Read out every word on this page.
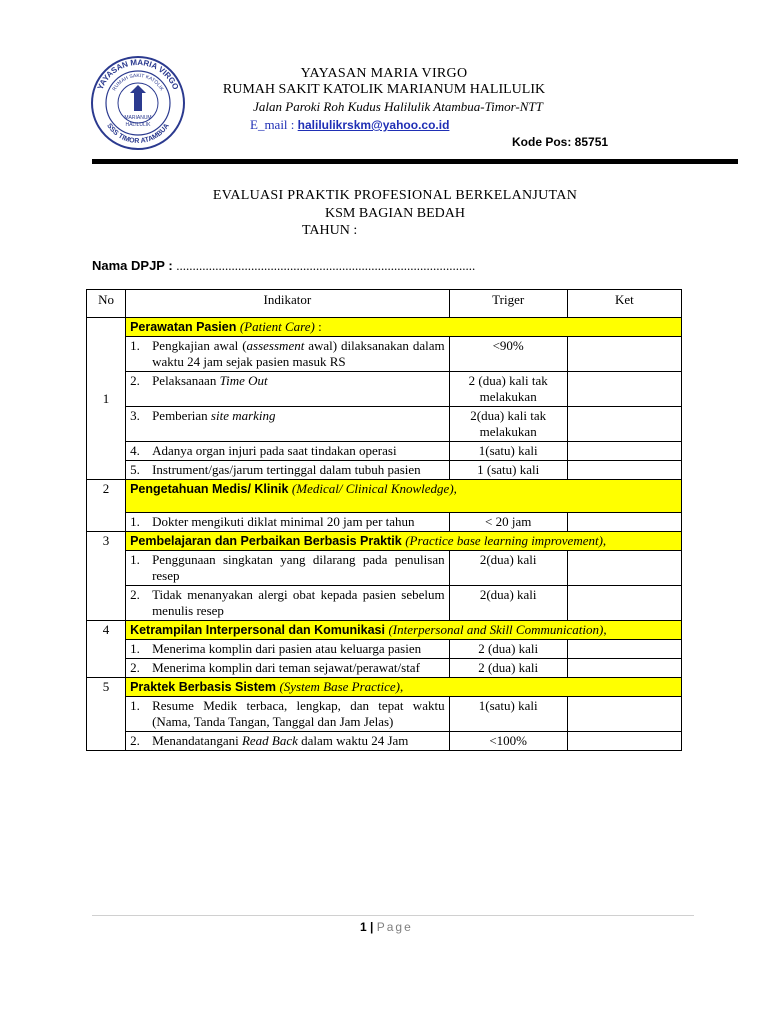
YAYASAN MARIA VIRGO
RUMAH SAKIT KATOLIK
SSS TIMOR ATAMBUA
MARIANUM
HALILULIK
YAYASAN MARIA VIRGO
RUMAH SAKIT KATOLIK MARIANUM HALILULIK
Jalan Paroki Roh Kudus Halilulik Atambua-Timor-NTT
E_mail : halilulikrskm@yahoo.co.id
Kode Pos: 85751
EVALUASI PRAKTIK PROFESIONAL BERKELANJUTAN
KSM BAGIAN BEDAH
TAHUN :
Nama DPJP : ............................................................................................
No	Indikator	Triger	Ket
1	Perawatan Pasien (Patient Care) :		

	1. Pengkajian awal (assessment awal) dilaksanakan dalam waktu 24 jam sejak pasien masuk RS	<90%	

	2. Pelaksanaan Time Out	2 (dua) kali tak melakukan	

	3. Pemberian site marking	2(dua) kali tak melakukan	

	4. Adanya organ injuri pada saat tindakan operasi	1(satu) kali	

	5. Instrument/gas/jarum tertinggal dalam tubuh pasien	1 (satu) kali	
2	Pengetahuan Medis/ Klinik (Medical/ Clinical Knowledge),		

	1. Dokter mengikuti diklat minimal 20 jam per tahun	< 20 jam	
3	Pembelajaran dan Perbaikan Berbasis Praktik (Practice base learning improvement),		

	1. Penggunaan singkatan yang dilarang pada penulisan resep	2(dua) kali	

	2. Tidak menanyakan alergi obat kepada pasien sebelum menulis resep	2(dua) kali	
4	Ketrampilan Interpersonal dan Komunikasi (Interpersonal and Skill Communication),		

	1. Menerima komplin dari pasien atau keluarga pasien	2 (dua) kali	

	2. Menerima komplin dari teman sejawat/perawat/staf	2 (dua) kali	
5	Praktek Berbasis Sistem (System Base Practice),		

	1. Resume Medik terbaca, lengkap, dan tepat waktu (Nama, Tanda Tangan, Tanggal dan Jam Jelas)	1(satu) kali	

	2. Menandatangani Read Back dalam waktu 24 Jam	<100%	
1 | Page
